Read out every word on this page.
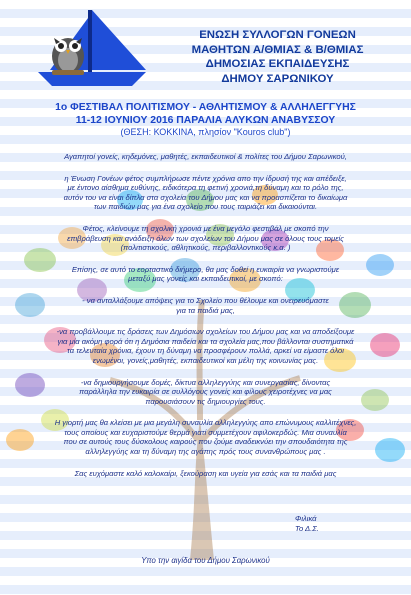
ΕΝΩΣΗ ΣΥΛΛΟΓΩΝ ΓΟΝΕΩΝ
ΜΑΘΗΤΩΝ Α/ΘΜΙΑΣ & Β/ΘΜΙΑΣ
ΔΗΜΟΣΙΑΣ ΕΚΠΑΙΔΕΥΣΗΣ
ΔΗΜΟΥ ΣΑΡΩΝΙΚΟΥ
1ο ΦΕΣΤΙΒΑΛ ΠΟΛΙΤΙΣΜΟΥ - ΑΘΛΗΤΙΣΜΟΥ & ΑΛΛΗΛΕΓΓΥΗΣ
11-12 ΙΟΥΝΙΟΥ 2016 ΠΑΡΑΛΙΑ ΑΛΥΚΩΝ ΑΝΑΒΥΣΣΟΥ
(ΘΕΣΗ: ΚΟΚΚΙΝΑ, πλησίον "Kouros club")

Αγαπητοί γονείς, κηδεμόνες, μαθητές, εκπαιδευτικοί & πολίτες του Δήμου Σαρωνικού,

η Ένωση Γονέων φέτος συμπλήρωσε πέντε χρόνια απο την ίδρυσή της και απέδειξε,
με έντονο αίσθημα ευθύνης, ειδικότερα τη φετινή χρονιά,τη δύναμη και το ρόλο της,
αυτόν του να είναι δίπλα στα σχολεία του Δήμου μας και να προασπίζεται το δικαίωμα
των παιδιών μας για ένα σχολείο που τους ταιριάζει και δικαιούνται.

Φέτος, κλείνουμε τη σχολική χρονιά με ένα μεγάλο φεστιβάλ με σκοπό την
επιβράβευση και ανάδειξη όλων των σχολείων του Δήμου μας σε όλους τους τομείς
(πολιτιστικούς, αθλητικούς, περιβαλλοντικούς κ.α. )

Επίσης, σε αυτό το εορταστικό διήμερο, θα μας δοθεί η ευκαιρία να γνωριστούμε
μεταξύ μας γονείς και εκπαιδευτικοί, με σκοπό:

- να ανταλλάξουμε απόψεις για το Σχολείο που θέλουμε και ονειρευόμαστε
για τα παιδιά μας,

-να προβάλλουμε τις δράσεις των Δημόσιων σχολείων του Δήμου μας και να αποδείξουμε
για μία ακόμη φορά ότι η Δημόσια παιδεία και τα σχολεία μας,που βάλλονται συστηματικά
τα τελευταία χρόνια, έχουν τη δύναμη να προσφέρουν πολλά, αρκεί να είμαστε όλοι
ενωμένοι, γονείς,μαθητές, εκπαιδευτικοί και μέλη της κοινωνίας μας.

-να δημιουργήσουμε δομές, δίκτυα αλληλεγγύης και συνεργασίας, δίνοντας
παράλληλα την ευκαιρία σε συλλόγους γονείς και φίλους χειροτέχνες να μας
παρουσιάσουν τις δημιουργίες τους.

Η γιορτή μας θα κλείσει με μια μεγάλη συναυλία αλληλεγγύης απο επώνυμους καλλιτέχνες,
τους οποίους και ευχαριστούμε θερμά γιατί συμμετέχουν αφιλοκερδώς. Μια συναυλία
που σε αυτούς τους δύσκολους καιρούς που ζούμε αναδεικνύει την σπουδαιότητα της
αλληλεγγύης και τη δύναμη της αγάπης πρός τους συνανθρώπους μας .

Σας ευχόμαστε καλό καλοκαίρι, ξεκούραση και υγεία για εσάς και τα παιδιά μας

Φιλικά
Το Δ.Σ.
Υπο την αιγίδα του Δήμου Σαρωνικού
